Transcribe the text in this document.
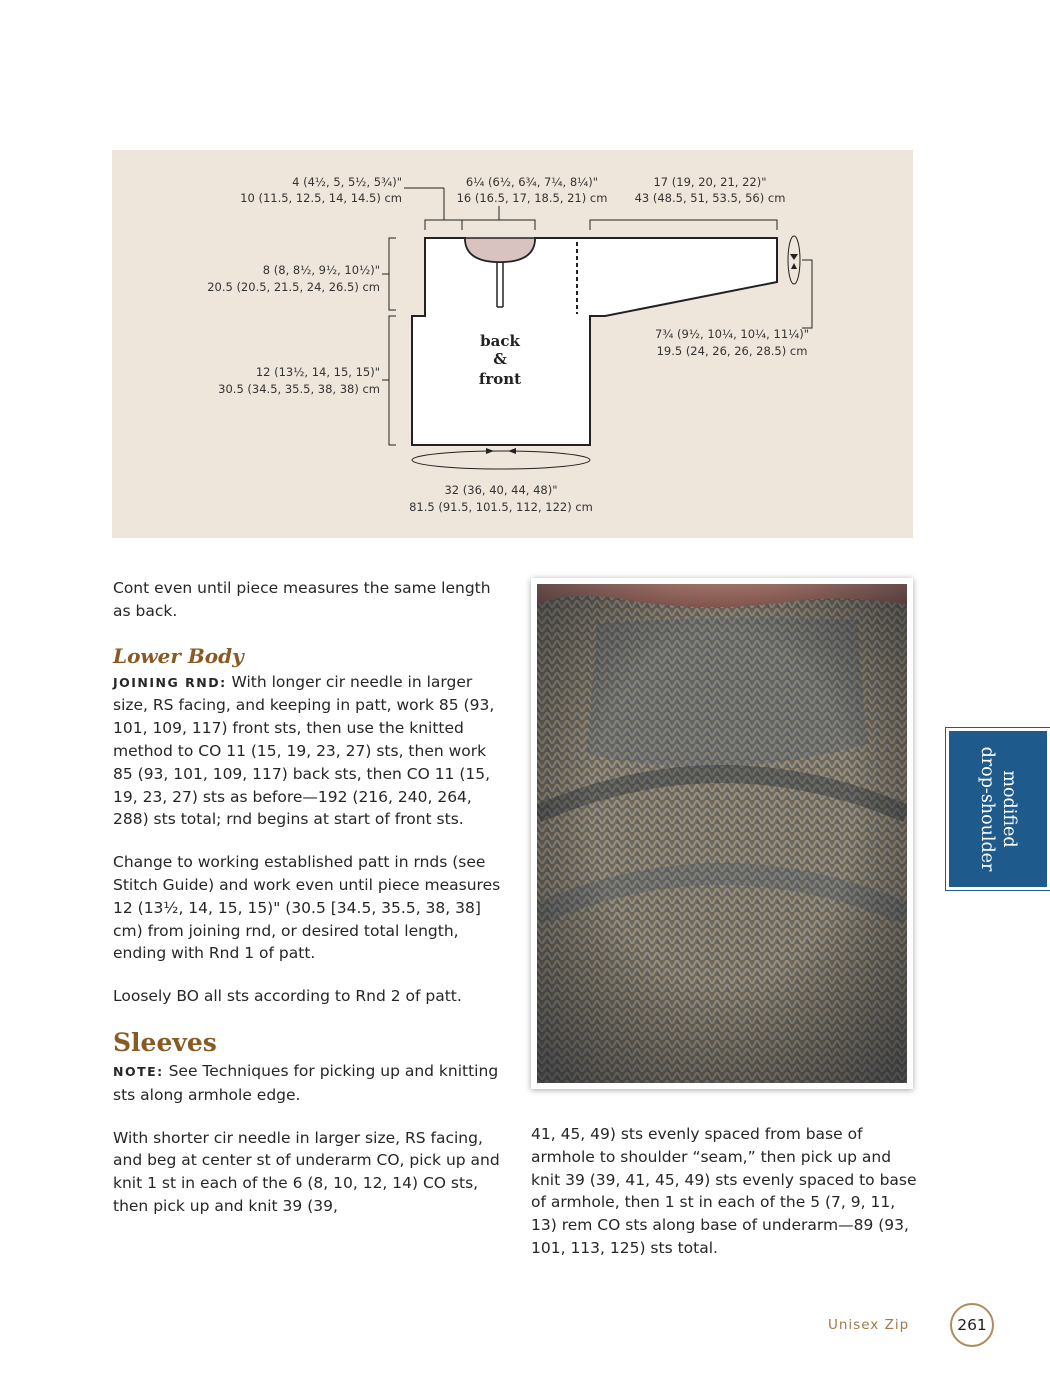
4 (4½, 5, 5½, 5¾)"
10 (11.5, 12.5, 14, 14.5) cm
6¼ (6½, 6¾, 7¼, 8¼)"
16 (16.5, 17, 18.5, 21) cm
17 (19, 20, 21, 22)"
43 (48.5, 51, 53.5, 56) cm
8 (8, 8½, 9½, 10½)"
20.5 (20.5, 21.5, 24, 26.5) cm
12 (13½, 14, 15, 15)"
30.5 (34.5, 35.5, 38, 38) cm
7¾ (9½, 10¼, 10¼, 11¼)"
19.5 (24, 26, 26, 28.5) cm
32 (36, 40, 44, 48)"
81.5 (91.5, 101.5, 112, 122) cm
back
&
front

Cont even until piece measures the same length as back.

Lower Body

JOINING RND: With longer cir needle in larger size, RS facing, and keeping in patt, work 85 (93, 101, 109, 117) front sts, then use the knitted method to CO 11 (15, 19, 23, 27) sts, then work 85 (93, 101, 109, 117) back sts, then CO 11 (15, 19, 23, 27) sts as before—192 (216, 240, 264, 288) sts total; rnd begins at start of front sts.

Change to working established patt in rnds (see Stitch Guide) and work even until piece measures 12 (13½, 14, 15, 15)" (30.5 [34.5, 35.5, 38, 38] cm) from joining rnd, or desired total length, ending with Rnd 1 of patt.

Loosely BO all sts according to Rnd 2 of patt.

Sleeves

NOTE: See Techniques for picking up and knitting sts along armhole edge.

With shorter cir needle in larger size, RS facing, and beg at center st of underarm CO, pick up and knit 1 st in each of the 6 (8, 10, 12, 14) CO sts, then pick up and knit 39 (39,

41, 45, 49) sts evenly spaced from base of armhole to shoulder “seam,” then pick up and knit 39 (39, 41, 45, 49) sts evenly spaced to base of armhole, then 1 st in each of the 5 (7, 9, 11, 13) rem CO sts along base of underarm—89 (93, 101, 113, 125) sts total.

modified
drop-shoulder
Unisex Zip	261
